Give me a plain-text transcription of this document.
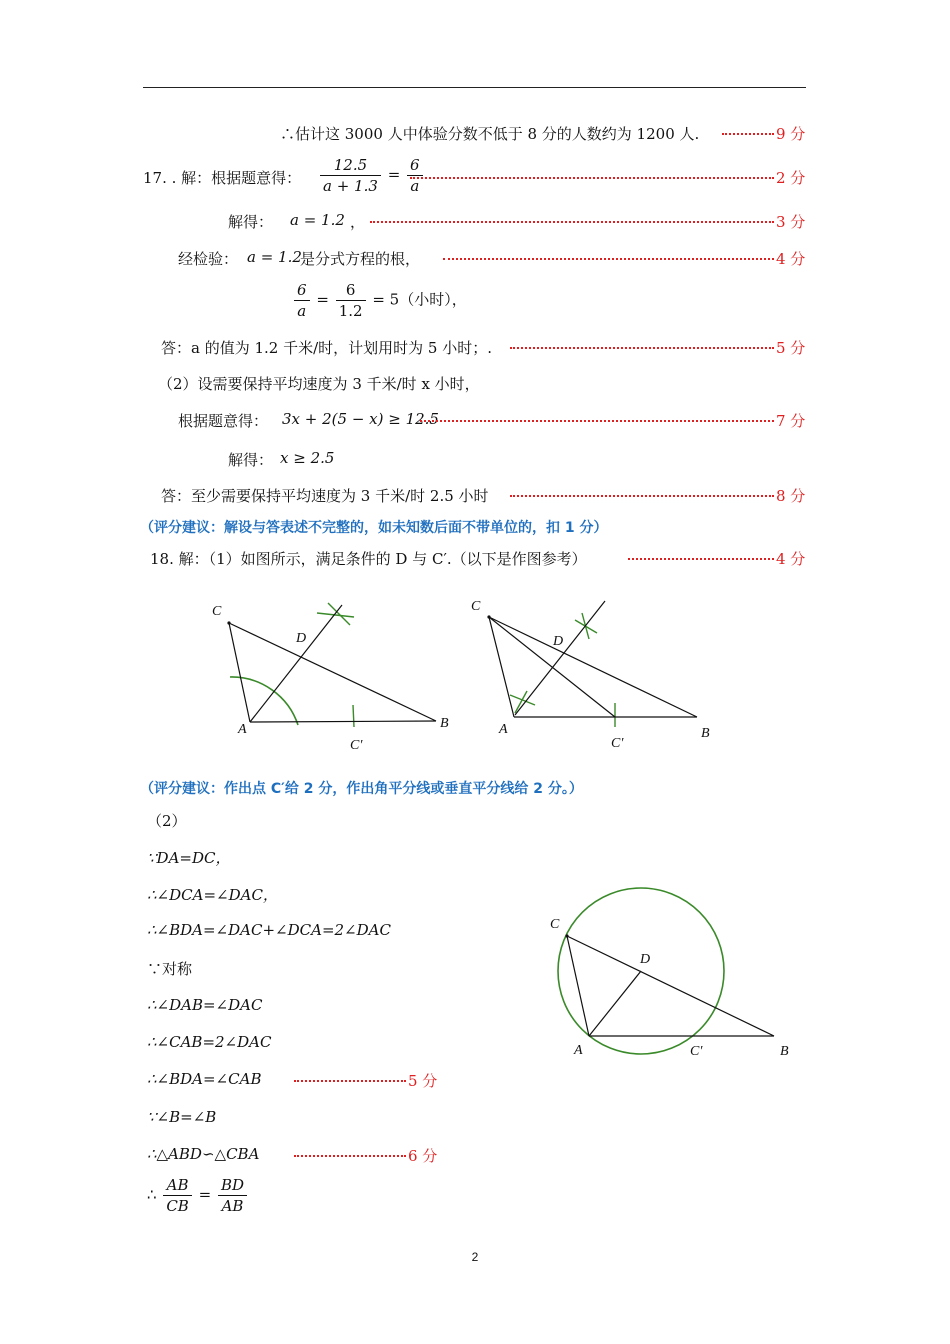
∴估计这 3000 人中体验分数不低于 8 分的人数约为 1200 人.	9 分
17. . 解：根据题意得： $\frac{12.5}{a + 1.3} = \frac{6}{a}$	2 分
解得： a = 1.2 ，	3 分
经检验： a = 1.2
是分式方程的根，	4 分
$\frac{6}{a} = \frac{6}{1.2} = 5$（小时），
答：a 的值为 1.2 千米/时，计划用时为 5 小时；.	5 分
（2）设需要保持平均速度为 3 千米/时 x 小时，
根据题意得： 3x + 2(5 − x) ≥ 12.5	7 分
解得： x ≥ 2.5
答：至少需要保持平均速度为 3 千米/时 2.5 小时	8 分
（评分建议：解设与答表述不完整的，如未知数后面不带单位的，扣 1 分）
18. 解：（1）如图所示，满足条件的 D 与 C′.（以下是作图参考）	4 分
C
D
A	B
C′
C
D
A	B
C′
（评分建议：作出点 C′给 2 分，作出角平分线或垂直平分线给 2 分。）
（2）
∵DA=DC，
∴∠DCA=∠DAC，
∴∠BDA=∠DAC+∠DCA=2∠DAC
∵对称
∴∠DAB=∠DAC
∴∠CAB=2∠DAC
∴∠BDA=∠CAB	5 分
∵∠B=∠B
∴△ABD∽△CBA	6 分
∴ $\frac{AB}{CB} = \frac{BD}{AB}$
C
D
A	B
C′
2
